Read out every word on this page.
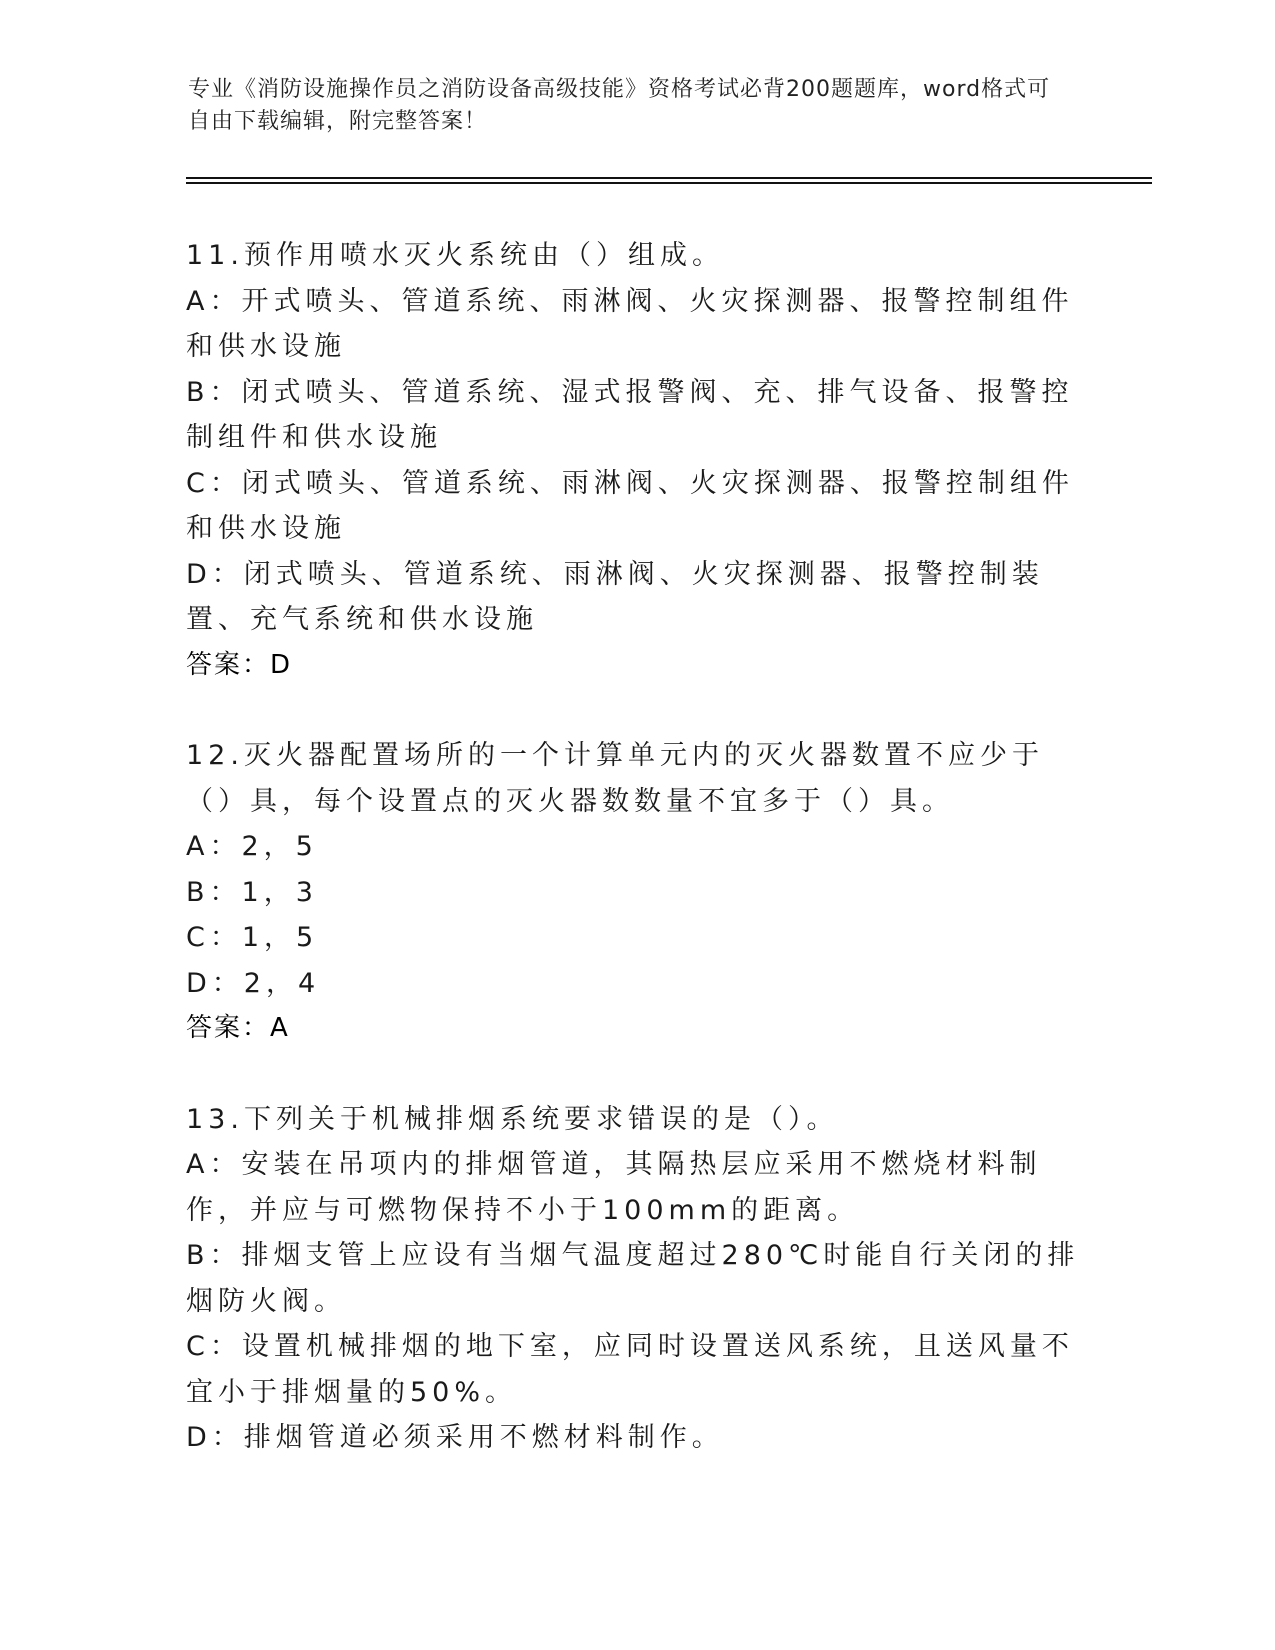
专业《消防设施操作员之消防设备高级技能》资格考试必背200题题库，word格式可自由下载编辑，附完整答案！
11.预作用喷水灭火系统由（）组成。
A：开式喷头、管道系统、雨淋阀、火灾探测器、报警控制组件和供水设施
B：闭式喷头、管道系统、湿式报警阀、充、排气设备、报警控制组件和供水设施
C：闭式喷头、管道系统、雨淋阀、火灾探测器、报警控制组件和供水设施
D：闭式喷头、管道系统、雨淋阀、火灾探测器、报警控制装置、充气系统和供水设施
答案：D
12.灭火器配置场所的一个计算单元内的灭火器数置不应少于（）具，每个设置点的灭火器数数量不宜多于（）具。
A：2，5
B：1，3
C：1，5
D：2，4
答案：A
13.下列关于机械排烟系统要求错误的是（）。
A：安装在吊项内的排烟管道，其隔热层应采用不燃烧材料制作，并应与可燃物保持不小于100mm的距离。
B：排烟支管上应设有当烟气温度超过280℃时能自行关闭的排烟防火阀。
C：设置机械排烟的地下室，应同时设置送风系统，且送风量不宜小于排烟量的50%。
D：排烟管道必须采用不燃材料制作。
